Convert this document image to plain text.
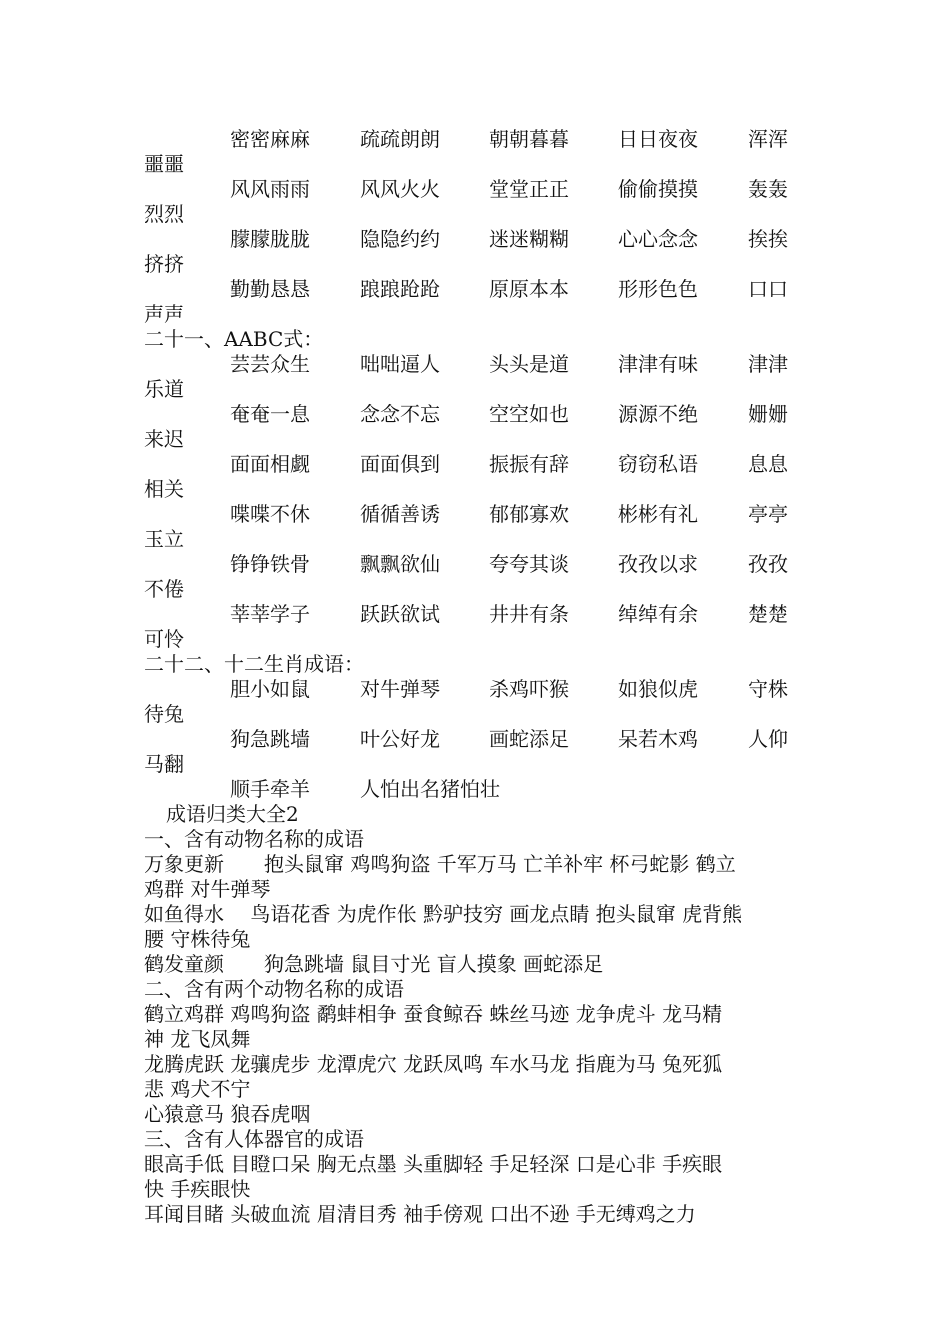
密密麻麻	疏疏朗朗 朝朝暮暮 日日夜夜	浑浑
噩噩
风风雨雨	风风火火 堂堂正正 偷偷摸摸	轰轰
烈烈
朦朦胧胧	隐隐约约 迷迷糊糊 心心念念	挨挨
挤挤
勤勤恳恳	踉踉跄跄 原原本本 形形色色	口口
声声
二十一、AABC式：
芸芸众生	咄咄逼人 头头是道 津津有味	津津
乐道
奄奄一息	念念不忘 空空如也 源源不绝	姗姗
来迟
面面相觑	面面俱到 振振有辞 窃窃私语	息息
相关
喋喋不休	循循善诱 郁郁寡欢 彬彬有礼	亭亭
玉立
铮铮铁骨	飘飘欲仙 夸夸其谈 孜孜以求	孜孜
不倦
莘莘学子	跃跃欲试 井井有条 绰绰有余	楚楚
可怜
二十二、十二生肖成语：
胆小如鼠	对牛弹琴 杀鸡吓猴 如狼似虎	守株
待兔
狗急跳墙	叶公好龙 画蛇添足 呆若木鸡	人仰
马翻
顺手牵羊	人怕出名猪怕壮
成语归类大全2
一、含有动物名称的成语
万象更新　　抱头鼠窜 鸡鸣狗盗 千军万马 亡羊补牢 杯弓蛇影 鹤立
鸡群 对牛弹琴
如鱼得水　 鸟语花香 为虎作伥 黔驴技穷 画龙点睛 抱头鼠窜 虎背熊
腰 守株待兔
鹤发童颜　　狗急跳墙 鼠目寸光 盲人摸象 画蛇添足
二、含有两个动物名称的成语
鹤立鸡群 鸡鸣狗盗 鹬蚌相争 蚕食鲸吞 蛛丝马迹 龙争虎斗 龙马精
神 龙飞凤舞
龙腾虎跃 龙骧虎步 龙潭虎穴 龙跃凤鸣 车水马龙 指鹿为马 兔死狐
悲 鸡犬不宁
心猿意马 狼吞虎咽
三、含有人体器官的成语
眼高手低 目瞪口呆 胸无点墨 头重脚轻 手足轻深 口是心非 手疾眼
快 手疾眼快
耳闻目睹 头破血流 眉清目秀 袖手傍观 口出不逊 手无缚鸡之力
